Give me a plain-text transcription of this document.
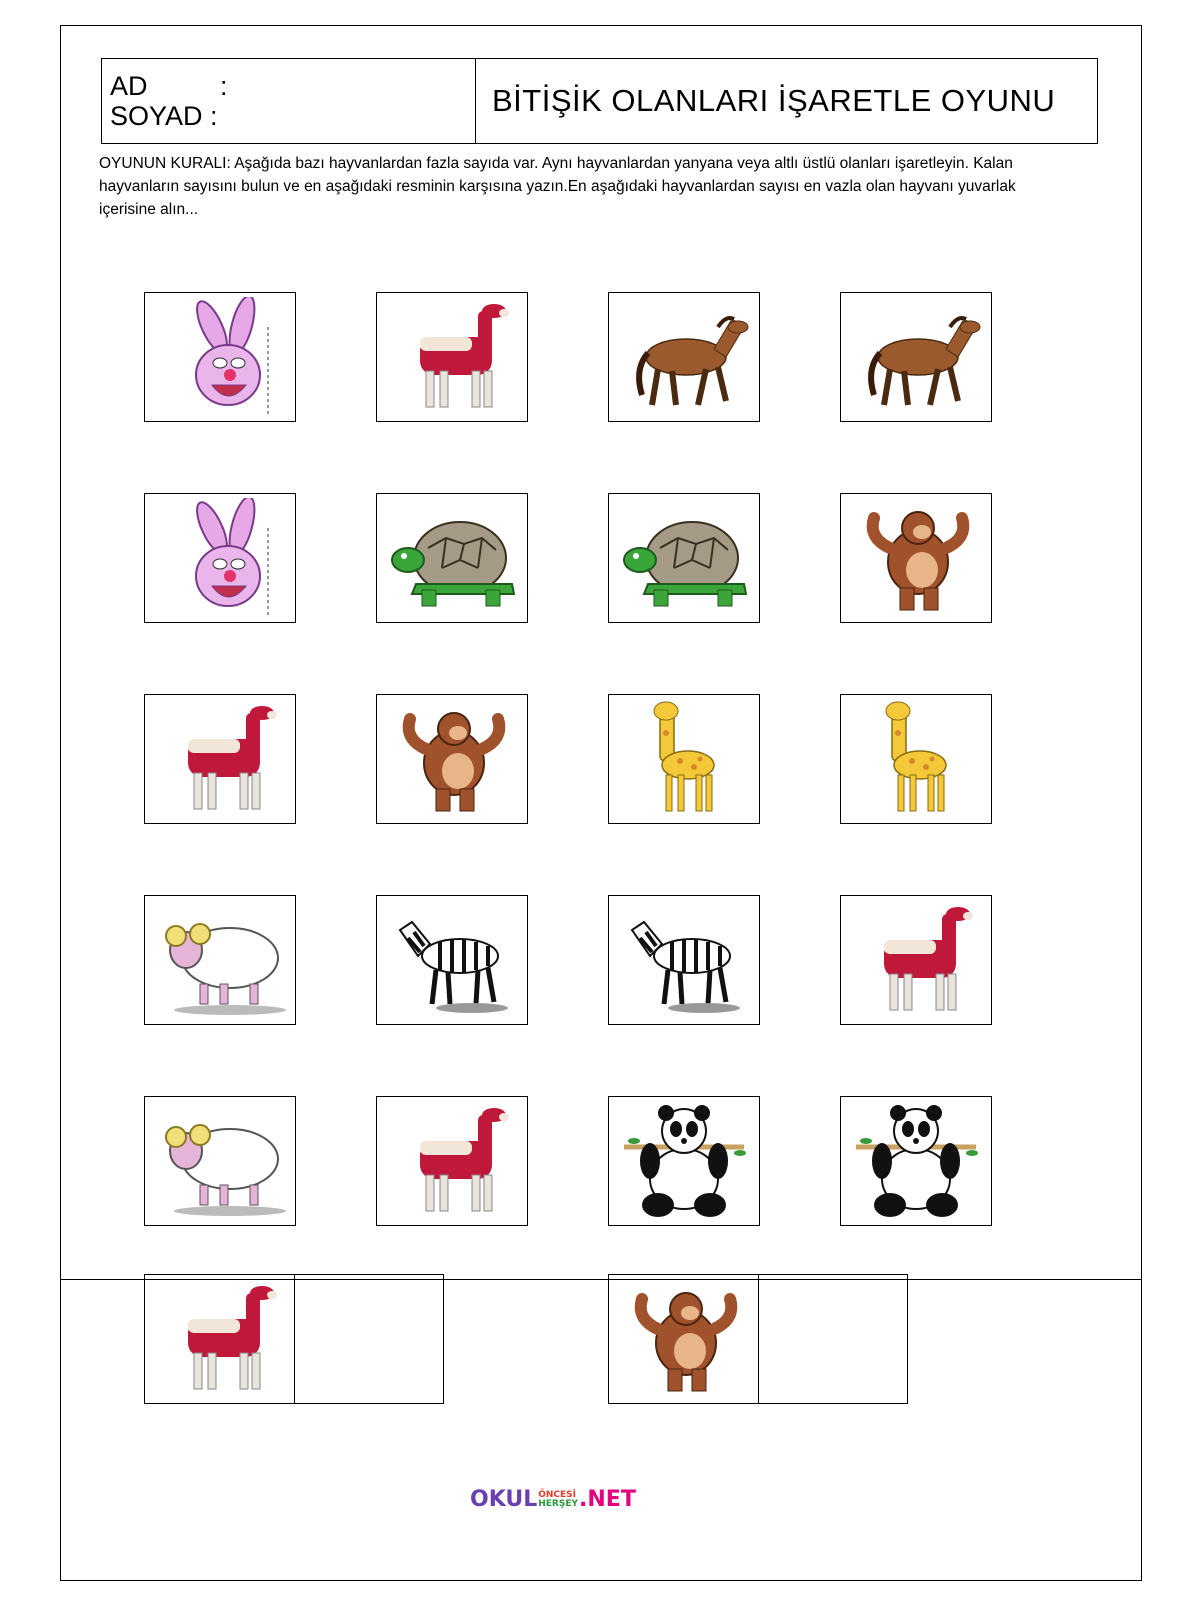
AD	:
SOYAD :	BİTİŞİK OLANLARI İŞARETLE OYUNU
OYUNUN KURALI: Aşağıda bazı hayvanlardan fazla sayıda var. Aynı hayvanlardan yanyana veya altlı üstlü olanları işaretleyin. Kalan hayvanların sayısını bulun ve en aşağıdaki resminin karşısına yazın.En aşağıdaki hayvanlardan sayısı en vazla olan hayvanı yuvarlak içerisine alın...
OKUL ÖNCESİ
HERŞEY .NET
